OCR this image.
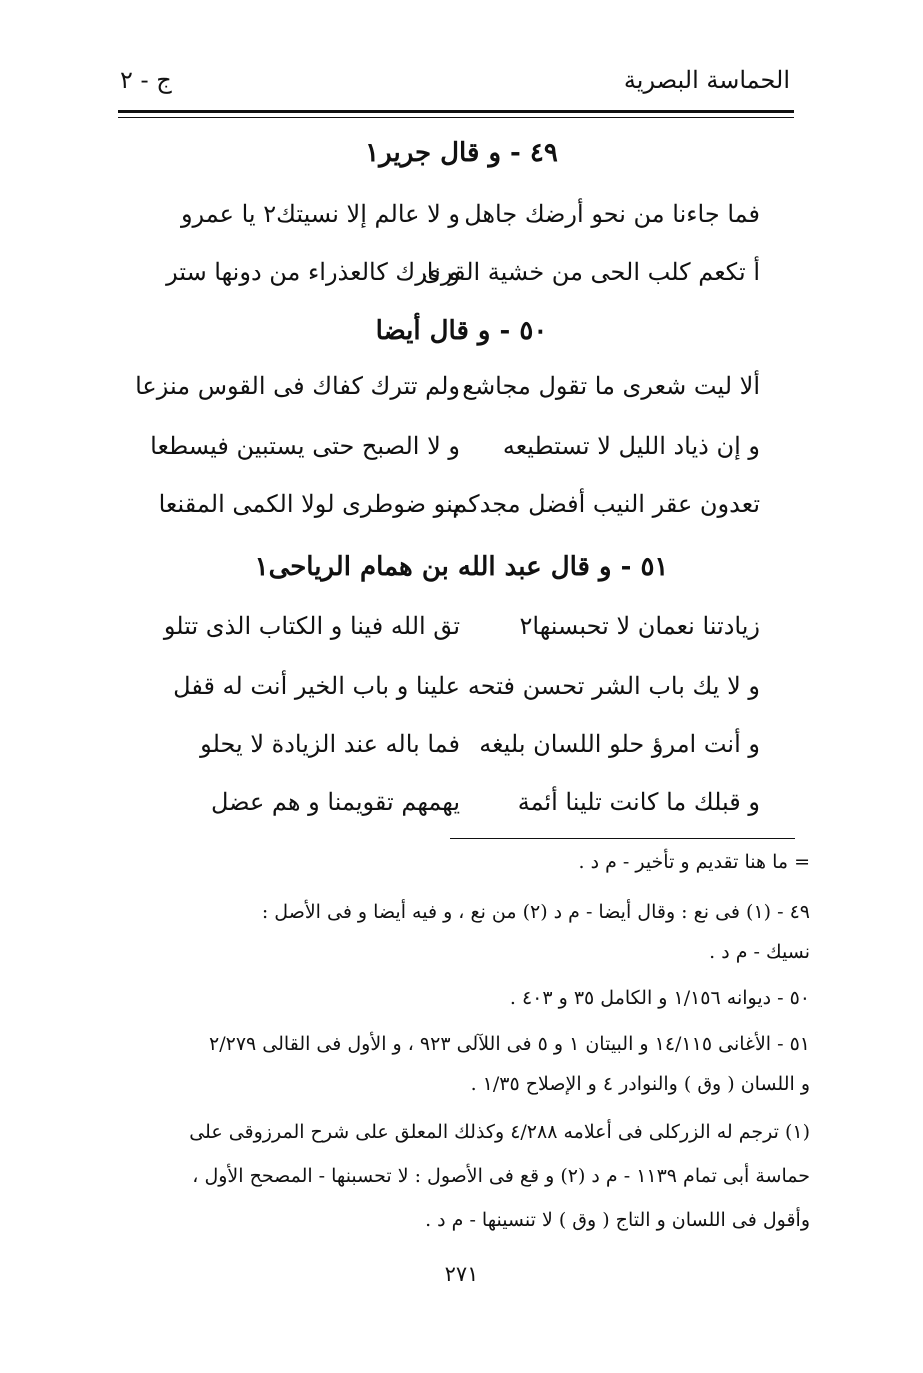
الحماسة البصرية
ج - ٢
٤٩ - و قال جرير١
فما جاءنا من نحو أرضك جاهل
و لا عالم إلا نسيتك٢ يا عمرو
أ تكعم كلب الحى من خشية القرى
و نارك كالعذراء من دونها ستر
٥٠ - و قال أيضا
ألا ليت شعرى ما تقول مجاشع
ولم تترك كفاك فى القوس منزعا
و إن ذياد الليل لا تستطيعه
و لا الصبح حتى يستبين فيسطعا
تعدون عقر النيب أفضل مجدكم
بنو ضوطرى لولا الكمى المقنعا
٥١ - و قال عبد الله بن همام الرياحى١
زيادتنا نعمان لا تحبسنها٢
تق الله فينا و الكتاب الذى تتلو
و لا يك باب الشر تحسن فتحه
علينا و باب الخير أنت له قفل
و أنت امرؤ حلو اللسان بليغه
فما باله عند الزيادة لا يحلو
و قبلك ما كانت تلينا أئمة
يهمهم تقويمنا و هم عضل
= ما هنا تقديم و تأخير - م د .
٤٩ - (١) فى نع : وقال أيضا - م د (٢) من نع ، و فيه أيضا و فى الأصل :
نسيك - م د .
٥٠ - ديوانه ١/١٥٦ و الكامل ٣٥ و ٤٠٣ .
٥١ - الأغانى ١٤/١١٥ و البيتان ١ و ٥ فى اللآلى ٩٢٣ ، و الأول فى القالى ٢/٢٧٩
و اللسان ( وق ) والنوادر ٤ و الإصلاح ١/٣٥ .
(١) ترجم له الزركلى فى أعلامه ٤/٢٨٨ وكذلك المعلق على شرح المرزوقى على
حماسة أبى تمام ١١٣٩ - م د (٢) و قع فى الأصول : لا تحسبنها - المصحح الأول ،
وأقول فى اللسان و التاج ( وق ) لا تنسينها - م د .
٢٧١
